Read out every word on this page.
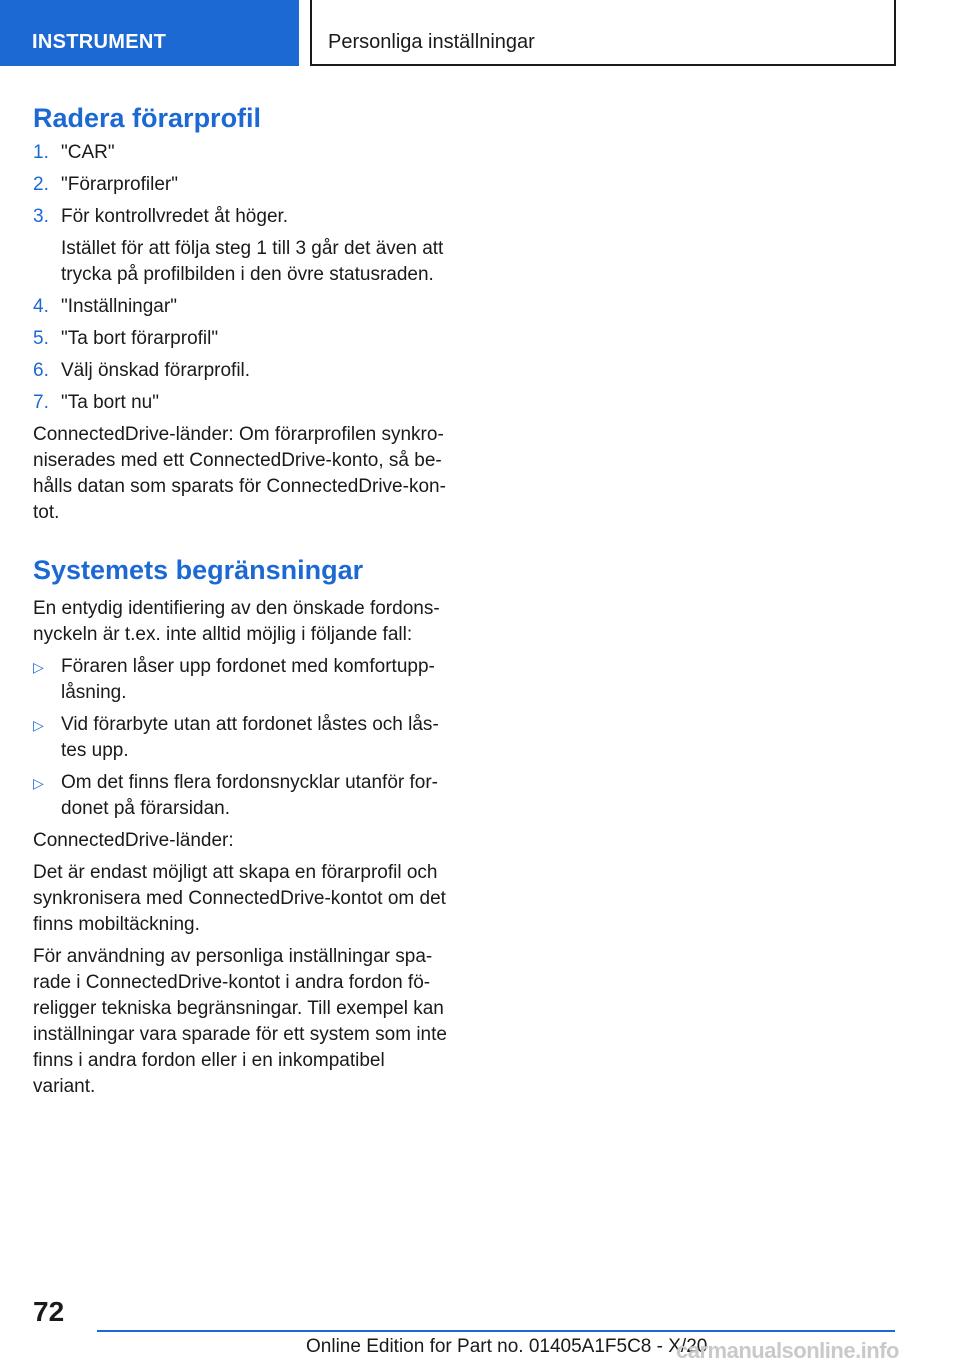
INSTRUMENT	Personliga inställningar
Radera förarprofil
1. "CAR"
2. "Förarprofiler"
3. För kontrollvredet åt höger.
Istället för att följa steg 1 till 3 går det även att trycka på profilbilden i den övre statusraden.
4. "Inställningar"
5. "Ta bort förarprofil"
6. Välj önskad förarprofil.
7. "Ta bort nu"

ConnectedDrive-länder: Om förarprofilen synkroniserades med ett ConnectedDrive-konto, så behålls datan som sparats för ConnectedDrive-kontot.

Systemets begränsningar

En entydig identifiering av den önskade fordonsnyckeln är t.ex. inte alltid möjlig i följande fall:

▷ Föraren låser upp fordonet med komfortupplåsning.
▷ Vid förarbyte utan att fordonet låstes och låstes upp.
▷ Om det finns flera fordonsnycklar utanför fordonet på förarsidan.

ConnectedDrive-länder:

Det är endast möjligt att skapa en förarprofil och synkronisera med ConnectedDrive-kontot om det finns mobiltäckning.

För användning av personliga inställningar sparade i ConnectedDrive-kontot i andra fordon föreligger tekniska begränsningar. Till exempel kan inställningar vara sparade för ett system som inte finns i andra fordon eller i en inkompatibel variant.

72
Online Edition for Part no. 01405A1F5C8 - X/20
carmanualsonline.info
